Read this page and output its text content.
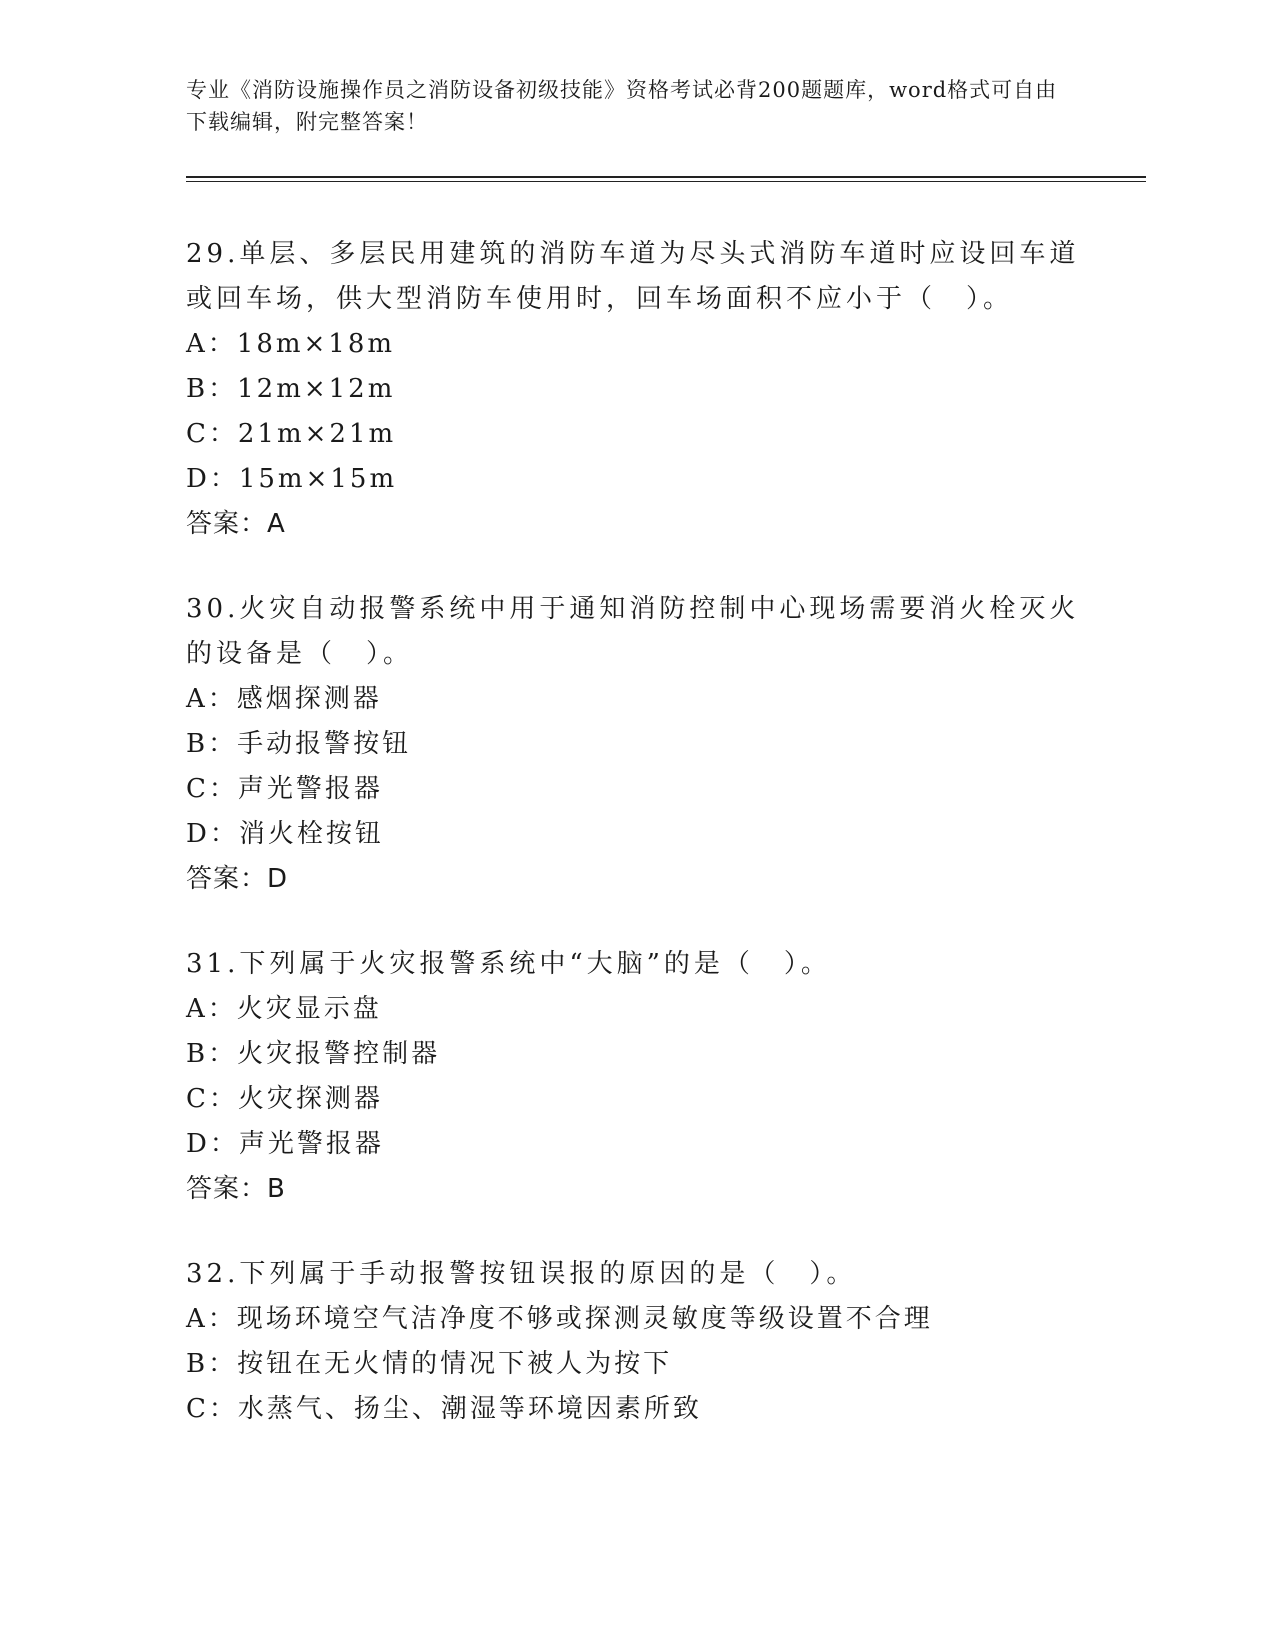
专业《消防设施操作员之消防设备初级技能》资格考试必背200题题库，word格式可自由下载编辑，附完整答案！
29.单层、多层民用建筑的消防车道为尽头式消防车道时应设回车道或回车场，供大型消防车使用时，回车场面积不应小于（　）。
A：18m×18m
B：12m×12m
C：21m×21m
D：15m×15m
答案：A
30.火灾自动报警系统中用于通知消防控制中心现场需要消火栓灭火的设备是（　）。
A：感烟探测器
B：手动报警按钮
C：声光警报器
D：消火栓按钮
答案：D
31.下列属于火灾报警系统中“大脑”的是（　）。
A：火灾显示盘
B：火灾报警控制器
C：火灾探测器
D：声光警报器
答案：B
32.下列属于手动报警按钮误报的原因的是（　）。
A：现场环境空气洁净度不够或探测灵敏度等级设置不合理
B：按钮在无火情的情况下被人为按下
C：水蒸气、扬尘、潮湿等环境因素所致
